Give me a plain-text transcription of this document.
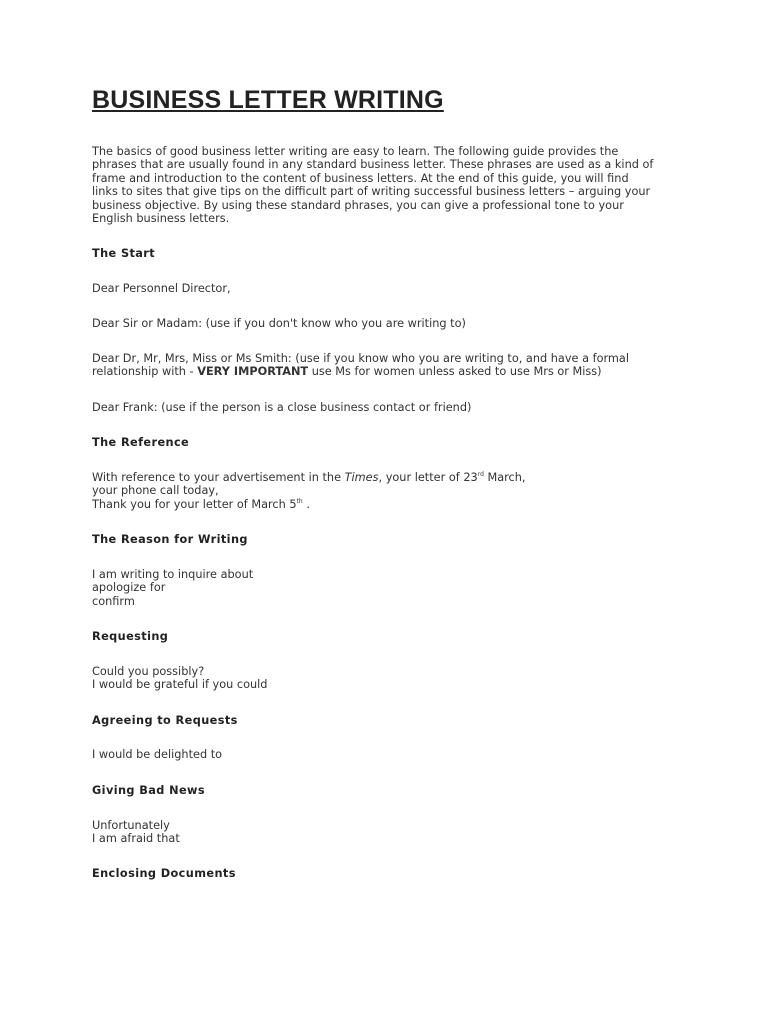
BUSINESS LETTER WRITING

The basics of good business letter writing are easy to learn. The following guide provides the
phrases that are usually found in any standard business letter. These phrases are used as a kind of
frame and introduction to the content of business letters. At the end of this guide, you will find
links to sites that give tips on the difficult part of writing successful business letters – arguing your
business objective. By using these standard phrases, you can give a professional tone to your
English business letters.

The Start

Dear Personnel Director,

Dear Sir or Madam: (use if you don't know who you are writing to)

Dear Dr, Mr, Mrs, Miss or Ms Smith: (use if you know who you are writing to, and have a formal
relationship with - VERY IMPORTANT use Ms for women unless asked to use Mrs or Miss)

Dear Frank: (use if the person is a close business contact or friend)

The Reference

With reference to your advertisement in the Times, your letter of 23rd March,
your phone call today,
Thank you for your letter of March 5th .

The Reason for Writing

I am writing to inquire about
apologize for
confirm

Requesting

Could you possibly?
I would be grateful if you could

Agreeing to Requests

I would be delighted to

Giving Bad News

Unfortunately
I am afraid that

Enclosing Documents
